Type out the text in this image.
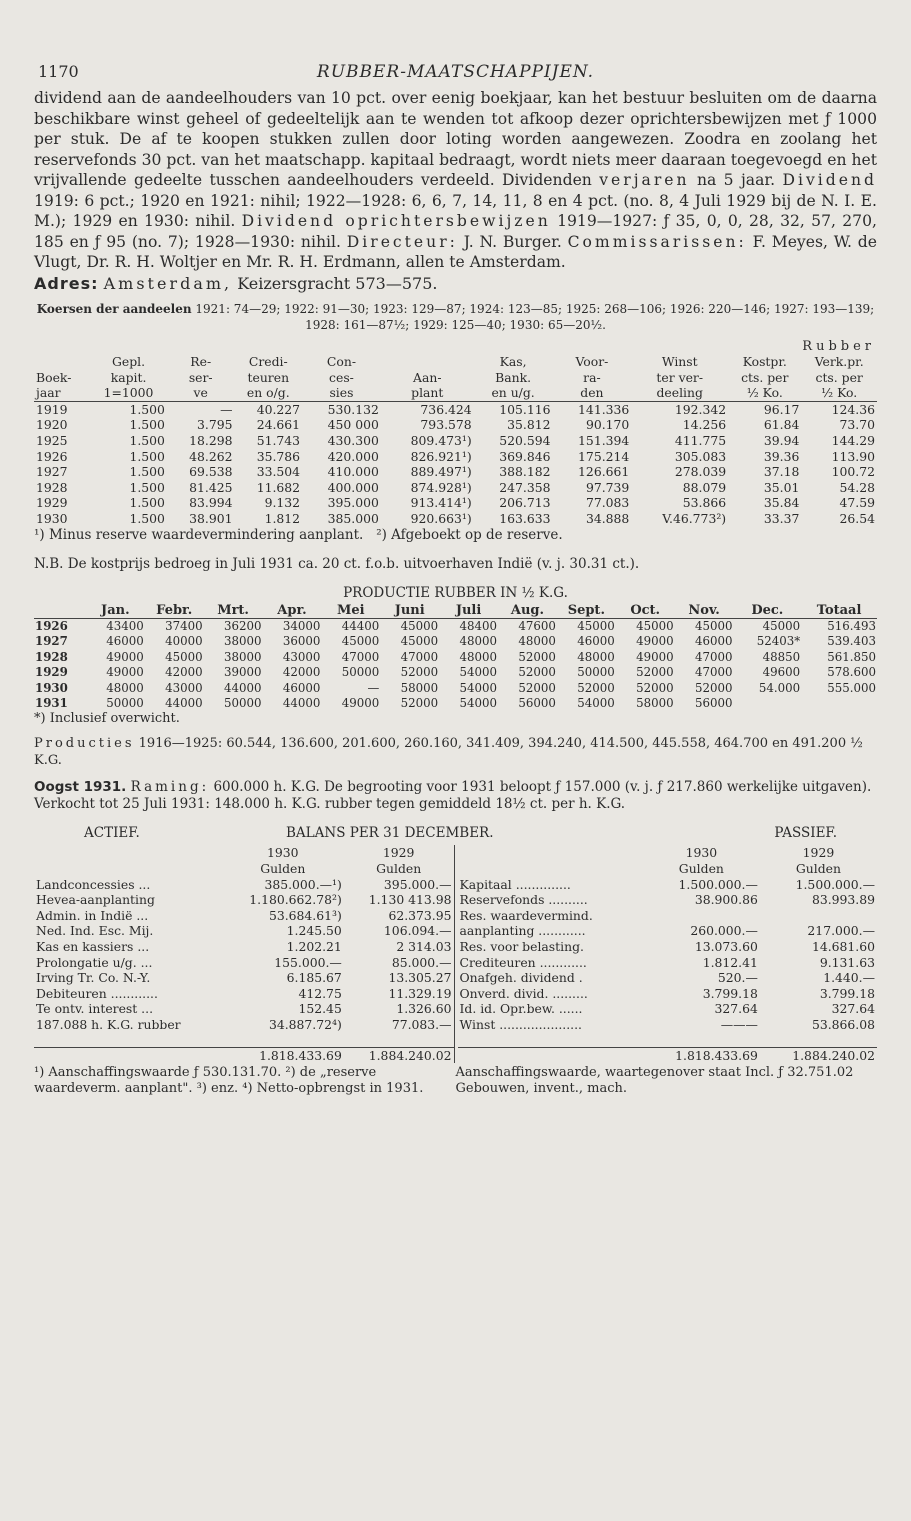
1170	RUBBER-MAATSCHAPPIJEN.

dividend aan de aandeelhouders van 10 pct. over eenig boekjaar, kan het bestuur besluiten om de daarna beschikbare winst geheel of gedeeltelijk aan te wenden tot afkoop dezer oprichtersbewijzen met ƒ 1000 per stuk. De af te koopen stukken zullen door loting worden aangewezen. Zoodra en zoolang het reservefonds 30 pct. van het maatschapp. kapitaal bedraagt, wordt niets meer daaraan toegevoegd en het vrijvallende gedeelte tusschen aandeelhouders verdeeld. Dividenden verjaren na 5 jaar. Dividend 1919: 6 pct.; 1920 en 1921: nihil; 1922—1928: 6, 6, 7, 14, 11, 8 en 4 pct. (no. 8, 4 Juli 1929 bij de N. I. E. M.); 1929 en 1930: nihil. Dividend oprichtersbewijzen 1919—1927: ƒ 35, 0, 0, 28, 32, 57, 270, 185 en ƒ 95 (no. 7); 1928—1930: nihil. Directeur: J. N. Burger. Commissarissen: F. Meyes, W. de Vlugt, Dr. R. H. Woltjer en Mr. R. H. Erdmann, allen te Amsterdam.

Adres: Amsterdam, Keizersgracht 573—575.

Koersen der aandeelen 1921: 74—29; 1922: 91—30; 1923: 129—87; 1924: 123—85; 1925: 268—106; 1926: 220—146; 1927: 193—139; 1928: 161—87½; 1929: 125—40; 1930: 65—20½.

									Rubber	
	Gepl.	Re-	Credi-	Con-		Kas,	Voor-	Winst	Kostpr.	Verk.pr.
Boek-	kapit.	ser-	teuren	ces-	Aan-	Bank.	ra-	ter ver-	cts. per	cts. per
jaar	1=1000	ve	en o/g.	sies	plant	en u/g.	den	deeling	½ Ko.	½ Ko.
1919	1.500	—	40.227	530.132	736.424	105.116	141.336	192.342	96.17	124.36
1920	1.500	3.795	24.661	450 000	793.578	35.812	90.170	14.256	61.84	73.70
1925	1.500	18.298	51.743	430.300	809.473¹)	520.594	151.394	411.775	39.94	144.29
1926	1.500	48.262	35.786	420.000	826.921¹)	369.846	175.214	305.083	39.36	113.90
1927	1.500	69.538	33.504	410.000	889.497¹)	388.182	126.661	278.039	37.18	100.72
1928	1.500	81.425	11.682	400.000	874.928¹)	247.358	97.739	88.079	35.01	54.28
1929	1.500	83.994	9.132	395.000	913.414¹)	206.713	77.083	53.866	35.84	47.59
1930	1.500	38.901	1.812	385.000	920.663¹)	163.633	34.888	V.46.773²)	33.37	26.54
¹) Minus reserve waardevermindering aanplant. ²) Afgeboekt op de reserve.

N.B. De kostprijs bedroeg in Juli 1931 ca. 20 ct. f.o.b. uitvoerhaven Indië (v. j. 30.31 ct.).

PRODUCTIE RUBBER IN ½ K.G.
	Jan.	Febr.	Mrt.	Apr.	Mei	Juni	Juli	Aug.	Sept.	Oct.	Nov.	Dec.	Totaal
1926	43400	37400	36200	34000	44400	45000	48400	47600	45000	45000	45000	45000	516.493
1927	46000	40000	38000	36000	45000	45000	48000	48000	46000	49000	46000	52403*	539.403
1928	49000	45000	38000	43000	47000	47000	48000	52000	48000	49000	47000	48850	561.850
1929	49000	42000	39000	42000	50000	52000	54000	52000	50000	52000	47000	49600	578.600
1930	48000	43000	44000	46000	—	58000	54000	52000	52000	52000	52000	54.000	555.000
1931	50000	44000	50000	44000	49000	52000	54000	56000	54000	58000	56000		
*) Inclusief overwicht.

Producties 1916—1925: 60.544, 136.600, 201.600, 260.160, 341.409, 394.240, 414.500, 445.558, 464.700 en 491.200 ½ K.G.

Oogst 1931. Raming: 600.000 h. K.G. De begrooting voor 1931 beloopt ƒ 157.000 (v. j. ƒ 217.860 werkelijke uitgaven). Verkocht tot 25 Juli 1931: 148.000 h. K.G. rubber tegen gemiddeld 18½ ct. per h. K.G.

ACTIEF.	BALANS PER 31 DECEMBER.	PASSIEF.
	1930	1929
	Gulden	Gulden
Landconcessies ...	385.000.—¹)	395.000.—
Hevea-aanplanting	1.180.662.78²)	1.130 413.98
Admin. in Indië ...	53.684.61³)	62.373.95
Ned. Ind. Esc. Mij.	1.245.50	106.094.—
Kas en kassiers ...	1.202.21	2 314.03
Prolongatie u/g. ...	155.000.—	85.000.—
Irving Tr. Co. N.-Y.	6.185.67	13.305.27
Debiteuren ............	412.75	11.329.19
Te ontv. interest ...	152.45	1.326.60
187.088 h. K.G. rubber	34.887.72⁴)	77.083.—

	1.818.433.69	1.884.240.02
	1930	1929
	Gulden	Gulden
Kapitaal ..............	1.500.000.—	1.500.000.—
Reservefonds ..........	38.900.86	83.993.89
Res. waardevermind.		
aanplanting ............	260.000.—	217.000.—
Res. voor belasting.	13.073.60	14.681.60
Crediteuren ............	1.812.41	9.131.63
Onafgeh. dividend .	520.—	1.440.—
Onverd. divid. .........	3.799.18	3.799.18
Id. id. Opr.bew. ......	327.64	327.64
Winst .....................	———	53.866.08

	1.818.433.69	1.884.240.02
¹) Aanschaffingswaarde ƒ 530.131.70. ²) de „reserve waardeverm. aanplant". ³) enz. ⁴) Netto-opbrengst in 1931.
Aanschaffingswaarde, waartegenover staat Incl. ƒ 32.751.02 Gebouwen, invent., mach.
